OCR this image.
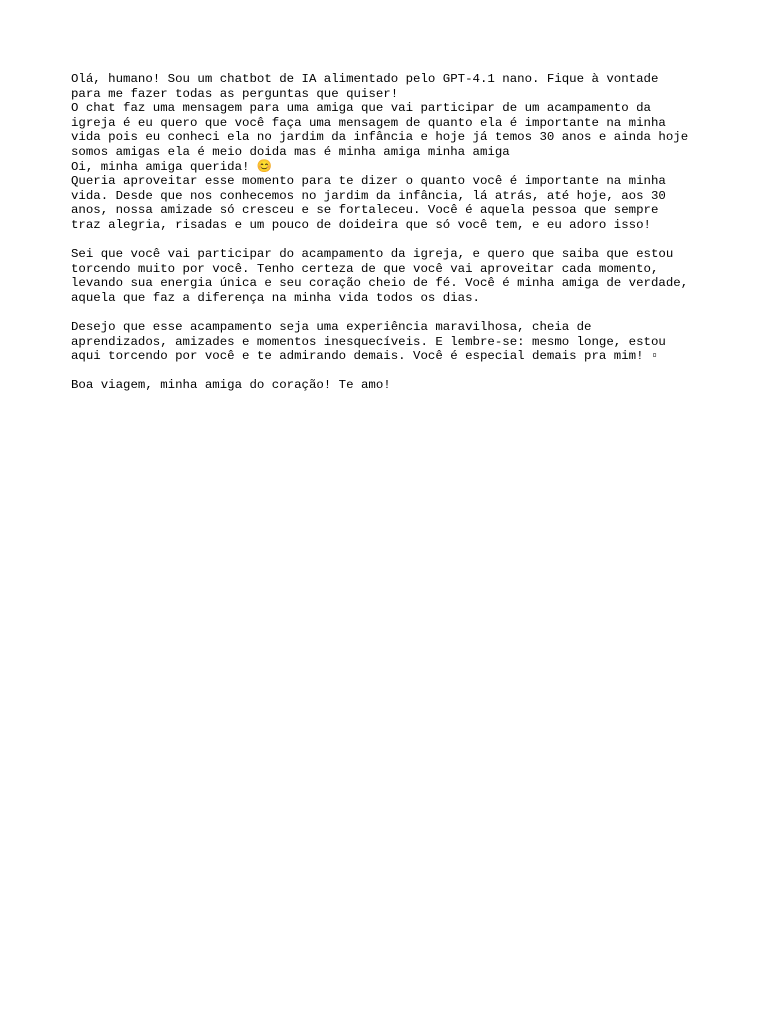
Olá, humano! Sou um chatbot de IA alimentado pelo GPT-4.1 nano. Fique à vontade

para me fazer todas as perguntas que quiser!

O chat faz uma mensagem para uma amiga que vai participar de um acampamento da

igreja é eu quero que você faça uma mensagem de quanto ela é importante na minha

vida pois eu conheci ela no jardim da infância e hoje já temos 30 anos e ainda hoje

somos amigas ela é meio doida mas é minha amiga minha amiga

Oi, minha amiga querida! 😊

Queria aproveitar esse momento para te dizer o quanto você é importante na minha

vida. Desde que nos conhecemos no jardim da infância, lá atrás, até hoje, aos 30

anos, nossa amizade só cresceu e se fortaleceu. Você é aquela pessoa que sempre

traz alegria, risadas e um pouco de doideira que só você tem, e eu adoro isso!

Sei que você vai participar do acampamento da igreja, e quero que saiba que estou

torcendo muito por você. Tenho certeza de que você vai aproveitar cada momento,

levando sua energia única e seu coração cheio de fé. Você é minha amiga de verdade,

aquela que faz a diferença na minha vida todos os dias.

Desejo que esse acampamento seja uma experiência maravilhosa, cheia de

aprendizados, amizades e momentos inesquecíveis. E lembre-se: mesmo longe, estou

aqui torcendo por você e te admirando demais. Você é especial demais pra mim! ▫

Boa viagem, minha amiga do coração! Te amo!
